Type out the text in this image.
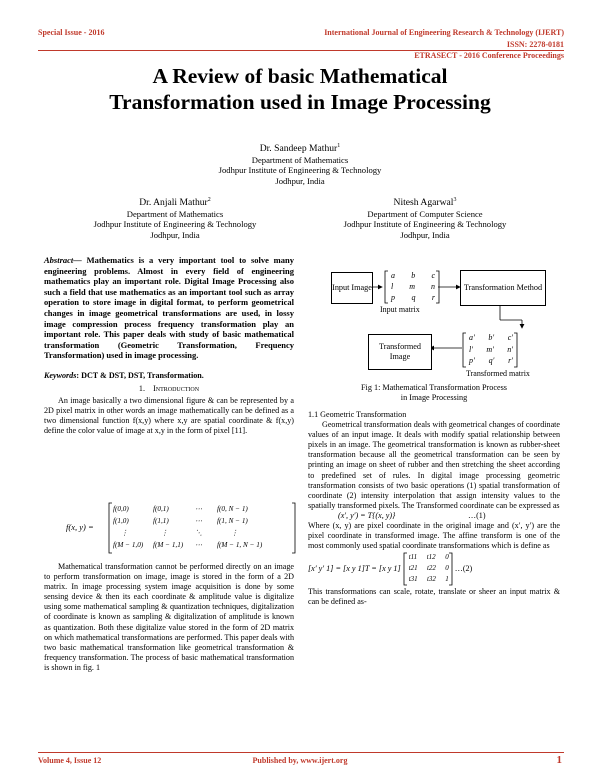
Special Issue - 2016	International Journal of Engineering Research & Technology (IJERT)
ISSN: 2278-0181
ETRASECT - 2016 Conference Proceedings
A Review of basic Mathematical
Transformation used in Image Processing
Dr. Sandeep Mathur$^1$
Department of Mathematics
Jodhpur Institute of Engineering & Technology
Jodhpur, India
Dr. Anjali Mathur$^2$
Department of Mathematics
Jodhpur Institute of Engineering & Technology
Jodhpur, India
Nitesh Agarwal$^3$
Department of Computer Science
Jodhpur Institute of Engineering & Technology
Jodhpur, India

Abstract— Mathematics is a very important tool to solve many engineering problems. Almost in every field of engineering mathematics play an important role. Digital Image Processing also such a field that use mathematics as an important tool such as array operation to store image in digital format, to perform geometrical changes in image geometrical transformations are used, in lossy image compression process frequency transformation play an important role. This paper deals with study of basic mathematical transformation (Geometric Transformation, Frequency Transformation) used in image processing.

Keywords: DCT & DST, DST, Transformation.

1. Introduction

An image basically a two dimensional figure & can be represented by a 2D pixel matrix in other words an image mathematically can be defined as a two dimensional function f(x,y) where x,y are spatial coordinate & f(x,y) define the color value of image at x,y in the form of pixel [11].

f(x, y) =
f(0,0)	f(0,1)	⋯	f(0, N − 1)
f(1,0)	f(1,1)	⋯	f(1, N − 1)
⋮	⋮	⋱	⋮
f(M − 1,0)	f(M − 1,1)	⋯	f(M − 1, N − 1)

Mathematical transformation cannot be performed directly on an image to perform transformation on image, image is stored in the form of a 2D matrix. In image processing system image acquisition is done by some sensing device & then its each coordinate & amplitude value is digitalize using some mathematical sampling & quantization techniques, digitalization of coordinate is known as sampling & digitalization of amplitude is known as quantization. Both these digitalize value stored in the form of 2D matrix on which mathematical transformations are performed. This paper deals with two basic mathematical transformation like geometrical transformation & frequency transformation. The process of basic mathematical transformation is shown in fig. 1

Input Image
a b c
l m n
p q r
Input matrix
Transformation Method
Transformed Image
a' b' c'
l' m' n'
p' q' r'
Transformed matrix
Fig 1: Mathematical Transformation Process
in Image Processing

1.1 Geometric Transformation

Geometrical transformation deals with geometrical changes of coordinate values of an input image. It deals with modify spatial relationship between pixels in an image. The geometrical transformation is known as rubber-sheet transformation because all the geometrical transformation can be seen by printing an image on sheet of rubber and then stretching the sheet according to predefined set of rules. In digital image processing geometric transformation consists of two basic operations (1) spatial transformation of coordinate (2) intensity interpolation that assign intensity values to the spatially transformed pixels. The Transformed coordinate can be expressed as

(x′, y′) = T{(x, y)}	…(1)

Where (x, y) are pixel coordinate in the original image and (x′, y′) are the pixel coordinate in transformed image. The affine transform is one of the most commonly used spatial coordinate transformations which is define as

[x′ y′ 1] = [x y 1]T = [x y 1]
t11 t12 0
t21 t22 0
t31 t32 1
…(2)

This transformations can scale, rotate, translate or sheer an input matrix & can be defined as-

Volume 4, Issue 12	Published by, www.ijert.org	1
